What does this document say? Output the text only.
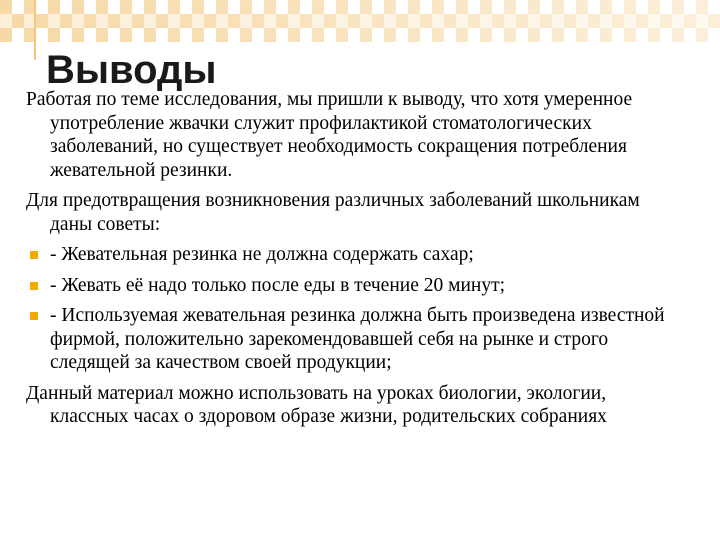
Выводы

Работая по теме исследования, мы пришли к выводу, что хотя умеренное употребление жвачки служит профилактикой стоматологических заболеваний, но существует необходимость сокращения потребления жевательной резинки.

Для предотвращения возникновения различных заболеваний школьникам даны советы:

- Жевательная резинка не должна содержать сахар;
- Жевать её надо только после еды в течение 20 минут;
- Используемая жевательная резинка должна быть произведена известной фирмой, положительно зарекомендовавшей себя на рынке и строго следящей за качеством своей продукции;

Данный материал можно использовать на уроках биологии, экологии, классных часах о здоровом образе жизни, родительских собраниях
